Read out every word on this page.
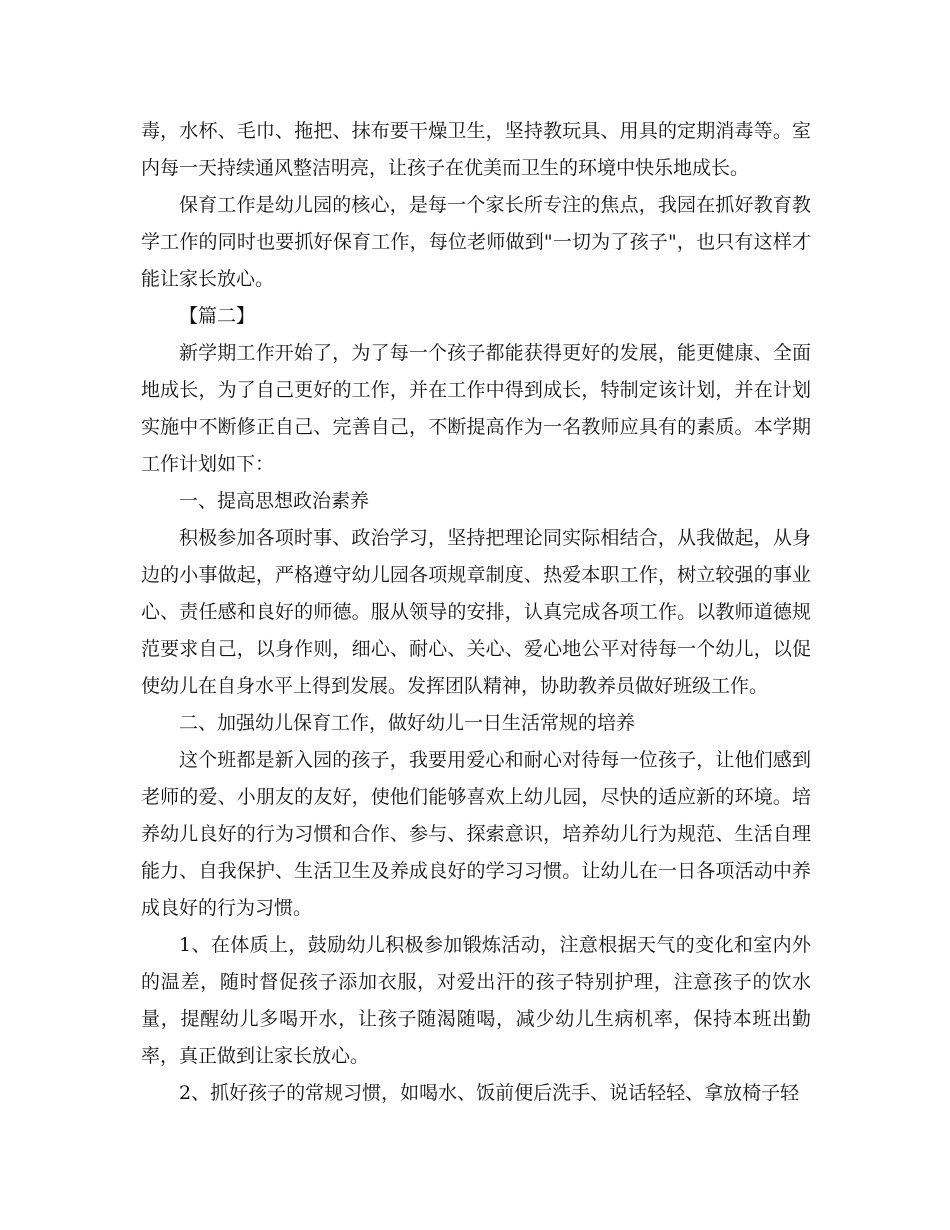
毒，水杯、毛巾、拖把、抹布要干燥卫生，坚持教玩具、用具的定期消毒等。室内每一天持续通风整洁明亮，让孩子在优美而卫生的环境中快乐地成长。

保育工作是幼儿园的核心，是每一个家长所专注的焦点，我园在抓好教育教学工作的同时也要抓好保育工作，每位老师做到"一切为了孩子"，也只有这样才能让家长放心。

【篇二】

新学期工作开始了，为了每一个孩子都能获得更好的发展，能更健康、全面地成长，为了自己更好的工作，并在工作中得到成长，特制定该计划，并在计划实施中不断修正自己、完善自己，不断提高作为一名教师应具有的素质。本学期工作计划如下：

一、提高思想政治素养

积极参加各项时事、政治学习，坚持把理论同实际相结合，从我做起，从身边的小事做起，严格遵守幼儿园各项规章制度、热爱本职工作，树立较强的事业心、责任感和良好的师德。服从领导的安排，认真完成各项工作。以教师道德规范要求自己，以身作则，细心、耐心、关心、爱心地公平对待每一个幼儿，以促使幼儿在自身水平上得到发展。发挥团队精神，协助教养员做好班级工作。

二、加强幼儿保育工作，做好幼儿一日生活常规的培养

这个班都是新入园的孩子，我要用爱心和耐心对待每一位孩子，让他们感到老师的爱、小朋友的友好，使他们能够喜欢上幼儿园，尽快的适应新的环境。培养幼儿良好的行为习惯和合作、参与、探索意识，培养幼儿行为规范、生活自理能力、自我保护、生活卫生及养成良好的学习习惯。让幼儿在一日各项活动中养成良好的行为习惯。

1、在体质上，鼓励幼儿积极参加锻炼活动，注意根据天气的变化和室内外的温差，随时督促孩子添加衣服，对爱出汗的孩子特别护理，注意孩子的饮水量，提醒幼儿多喝开水，让孩子随渴随喝，减少幼儿生病机率，保持本班出勤率，真正做到让家长放心。

2、抓好孩子的常规习惯，如喝水、饭前便后洗手、说话轻轻、拿放椅子轻
